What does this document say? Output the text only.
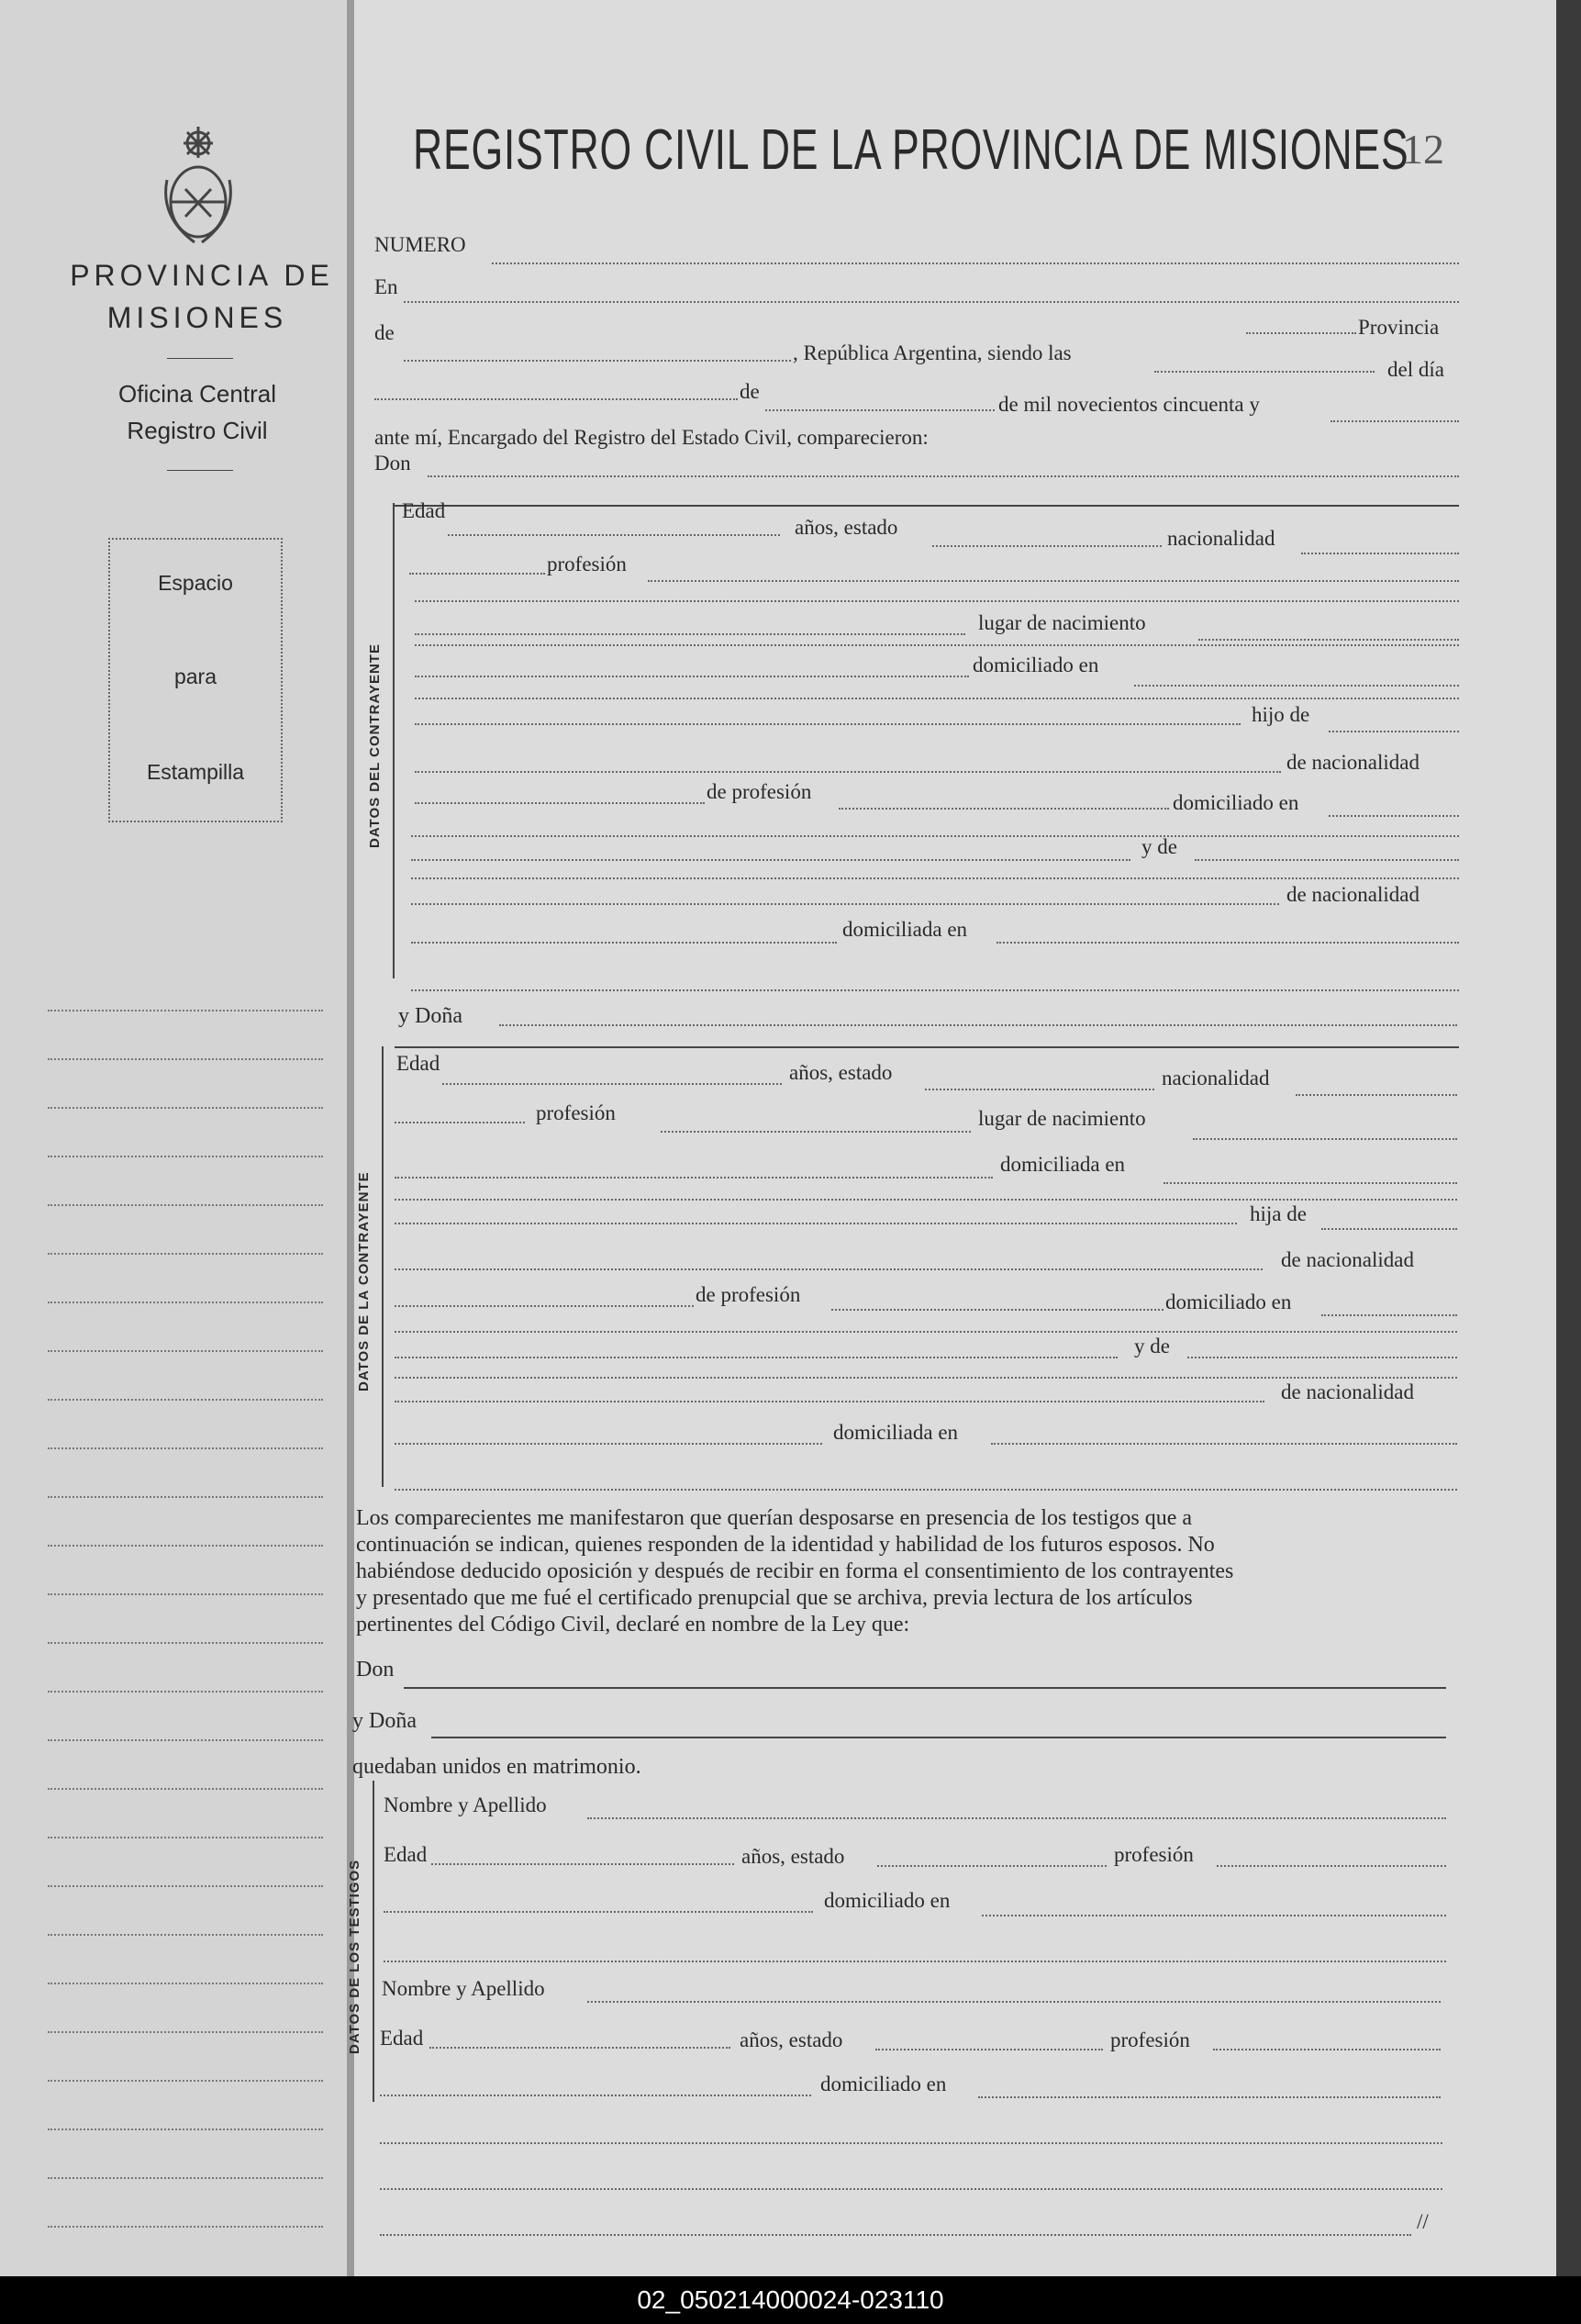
PROVINCIA DE
MISIONES
Oficina Central
Registro Civil
Espacio
para
Estampilla
REGISTRO CIVIL DE LA PROVINCIA DE MISIONES
12
NUMERO
En
Provincia
de
, República Argentina, siendo las
del día
de
de mil novecientos cincuenta y
ante mí, Encargado del Registro del Estado Civil, comparecieron:
Don
DATOS DEL CONTRAYENTE
Edad
años, estado	nacionalidad
profesión
lugar de nacimiento
domiciliado en
hijo de
de nacionalidad
de profesión	domiciliado en
y de
de nacionalidad
domiciliada en
y Doña
DATOS DE LA CONTRAYENTE
Edad	años, estado	nacionalidad
profesión	lugar de nacimiento
domiciliada en
hija de
de nacionalidad
de profesión	domiciliado en
y de
de nacionalidad
domiciliada en
Los comparecientes me manifestaron que querían desposarse en presencia de los testigos que a
continuación se indican, quienes responden de la identidad y habilidad de los futuros esposos. No
habiéndose deducido oposición y después de recibir en forma el consentimiento de los contrayentes
y presentado que me fué el certificado prenupcial que se archiva, previa lectura de los artículos
pertinentes del Código Civil, declaré en nombre de la Ley que:
Don
y Doña
quedaban unidos en matrimonio.
DATOS DE LOS TESTIGOS
Nombre y Apellido
Edad	años, estado	profesión
domiciliado en
Nombre y Apellido
Edad	años, estado	profesión
domiciliado en
//
02_050214000024-023110
